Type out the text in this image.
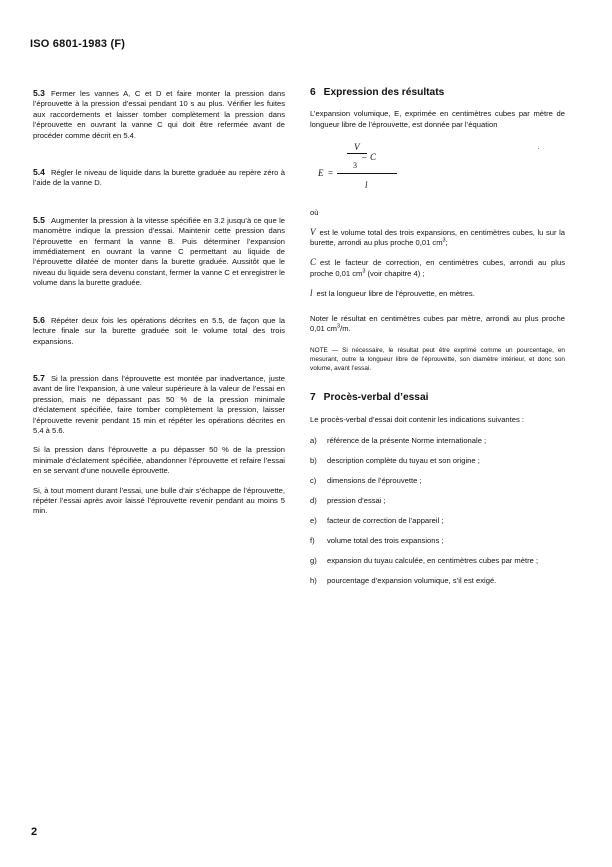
ISO 6801-1983 (F)

5.3 Fermer les vannes A, C et D et faire monter la pression dans l’éprouvette à la pression d’essai pendant 10 s au plus. Vérifier les fuites aux raccordements et laisser tomber complètement la pression dans l’éprouvette en ouvrant la vanne C qui doit être refermée avant de procéder comme décrit en 5.4.

5.4 Régler le niveau de liquide dans la burette graduée au repère zéro à l’aide de la vanne D.

5.5 Augmenter la pression à la vitesse spécifiée en 3.2 jusqu’à ce que le manomètre indique la pression d’essai. Maintenir cette pression dans l’éprouvette en fermant la vanne B. Puis déterminer l’expansion immédiatement en ouvrant la vanne C permettant au liquide de l’éprouvette dilatée de monter dans la burette graduée. Aussitôt que le niveau du liquide sera devenu constant, fermer la vanne C et enregistrer le volume dans la burette graduée.

5.6 Répéter deux fois les opérations décrites en 5.5, de façon que la lecture finale sur la burette graduée soit le volume total des trois expansions.

5.7 Si la pression dans l’éprouvette est montée par inadvertance, juste avant de lire l’expansion, à une valeur supérieure à la valeur de l’essai en pression, mais ne dépassant pas 50 % de la pression minimale d’éclatement spécifiée, faire tomber complètement la pression, laisser l’éprouvette revenir pendant 15 min et répéter les opérations décrites en 5.4 à 5.6.

Si la pression dans l’éprouvette a pu dépasser 50 % de la pression minimale d’éclatement spécifiée, abandonner l’éprouvette et refaire l’essai en se servant d’une nouvelle éprouvette.

Si, à tout moment durant l’essai, une bulle d’air s’échappe de l’éprouvette, répéter l’essai après avoir laissé l’éprouvette revenir pendant au moins 5 min.

6 Expression des résultats

L’expansion volumique, E, exprimée en centimètres cubes par mètre de longueur libre de l’éprouvette, est donnée par l’équation

E =
V
3
– C
l

où

V est le volume total des trois expansions, en centimètres cubes, lu sur la burette, arrondi au plus proche 0,01 $cm^3$;

C est le facteur de correction, en centimètres cubes, arrondi au plus proche 0,01 $cm^3$ (voir chapitre 4) ;

l est la longueur libre de l’éprouvette, en mètres.

Noter le résultat en centimètres cubes par mètre, arrondi au plus proche 0,01 $cm^3/m$.

NOTE — Si nécessaire, le résultat peut être exprimé comme un pourcentage, en mesurant, outre la longueur libre de l’éprouvette, son diamètre intérieur, et donc son volume, avant l’essai.

7 Procès-verbal d’essai

Le procès-verbal d’essai doit contenir les indications suivantes :

a)	référence de la présente Norme internationale ;
b)	description complète du tuyau et son origine ;
c)	dimensions de l’éprouvette ;
d)	pression d’essai ;
e)	facteur de correction de l’appareil ;
f)	volume total des trois expansions ;
g)	expansion du tuyau calculée, en centimètres cubes par mètre ;
h)	pourcentage d’expansion volumique, s’il est exigé.
2
